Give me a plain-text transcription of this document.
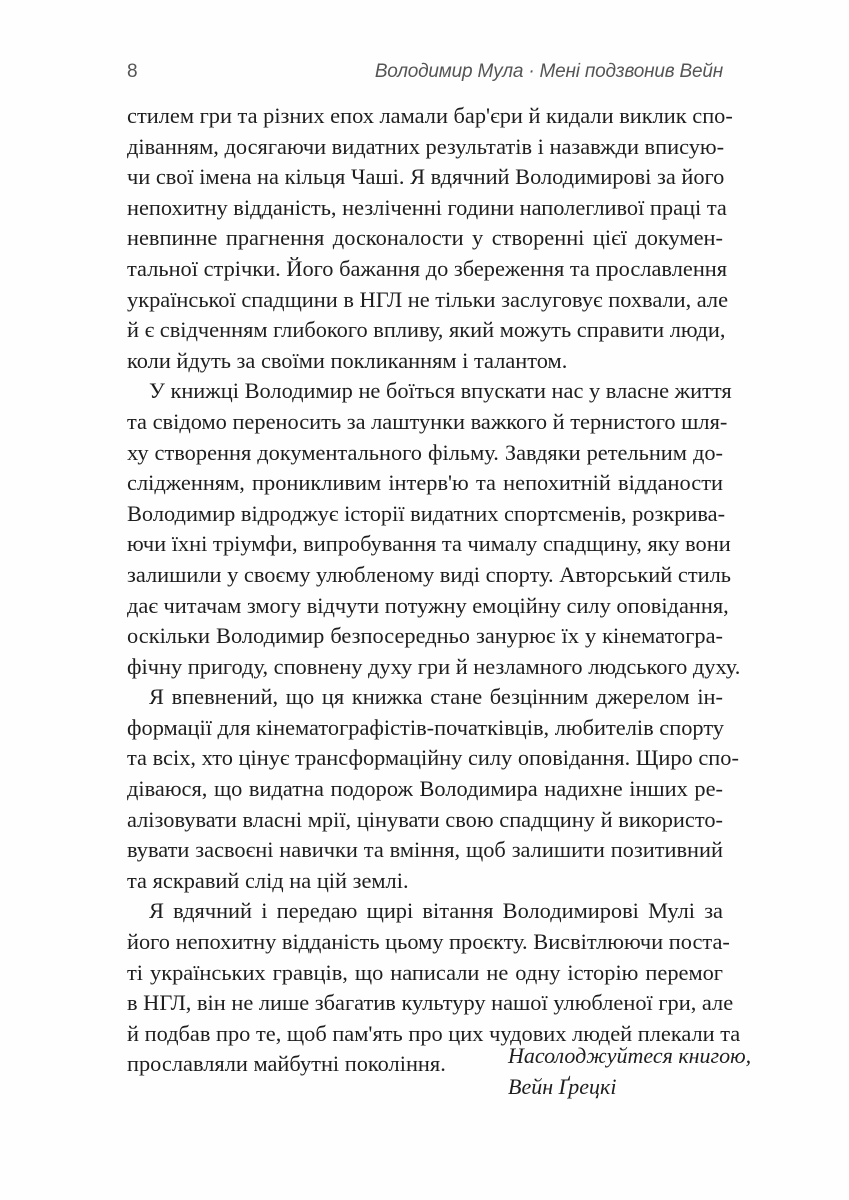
8	Володимир Мула · Мені подзвонив Вейн
стилем гри та різних епох ламали бар'єри й кидали виклик спо-
діванням, досягаючи видатних результатів і назавжди вписую-
чи свої імена на кільця Чаші. Я вдячний Володимирові за його
непохитну відданість, незліченні години наполегливої праці та
невпинне прагнення досконалости у створенні цієї докумен-
тальної стрічки. Його бажання до збереження та прославлення
української спадщини в НГЛ не тільки заслуговує похвали, але
й є свідченням глибокого впливу, який можуть справити люди,
коли йдуть за своїми покликанням і талантом.
У книжці Володимир не боїться впускати нас у власне життя
та свідомо переносить за лаштунки важкого й тернистого шля-
ху створення документального фільму. Завдяки ретельним до-
слідженням, проникливим інтерв'ю та непохитній відданости
Володимир відроджує історії видатних спортсменів, розкрива-
ючи їхні тріумфи, випробування та чималу спадщину, яку вони
залишили у своєму улюбленому виді спорту. Авторський стиль
дає читачам змогу відчути потужну емоційну силу оповідання,
оскільки Володимир безпосередньо занурює їх у кінематогра-
фічну пригоду, сповнену духу гри й незламного людського духу.
Я впевнений, що ця книжка стане безцінним джерелом ін-
формації для кінематографістів-початківців, любителів спорту
та всіх, хто цінує трансформаційну силу оповідання. Щиро спо-
діваюся, що видатна подорож Володимира надихне інших ре-
алізовувати власні мрії, цінувати свою спадщину й використо-
вувати засвоєні навички та вміння, щоб залишити позитивний
та яскравий слід на цій землі.
Я вдячний і передаю щирі вітання Володимирові Мулі за
його непохитну відданість цьому проєкту. Висвітлюючи поста-
ті українських гравців, що написали не одну історію перемог
в НГЛ, він не лише збагатив культуру нашої улюбленої гри, але
й подбав про те, щоб пам'ять про цих чудових людей плекали та
прославляли майбутні покоління.	Насолоджуйтеся книгою,
Вейн Ґрецкі
